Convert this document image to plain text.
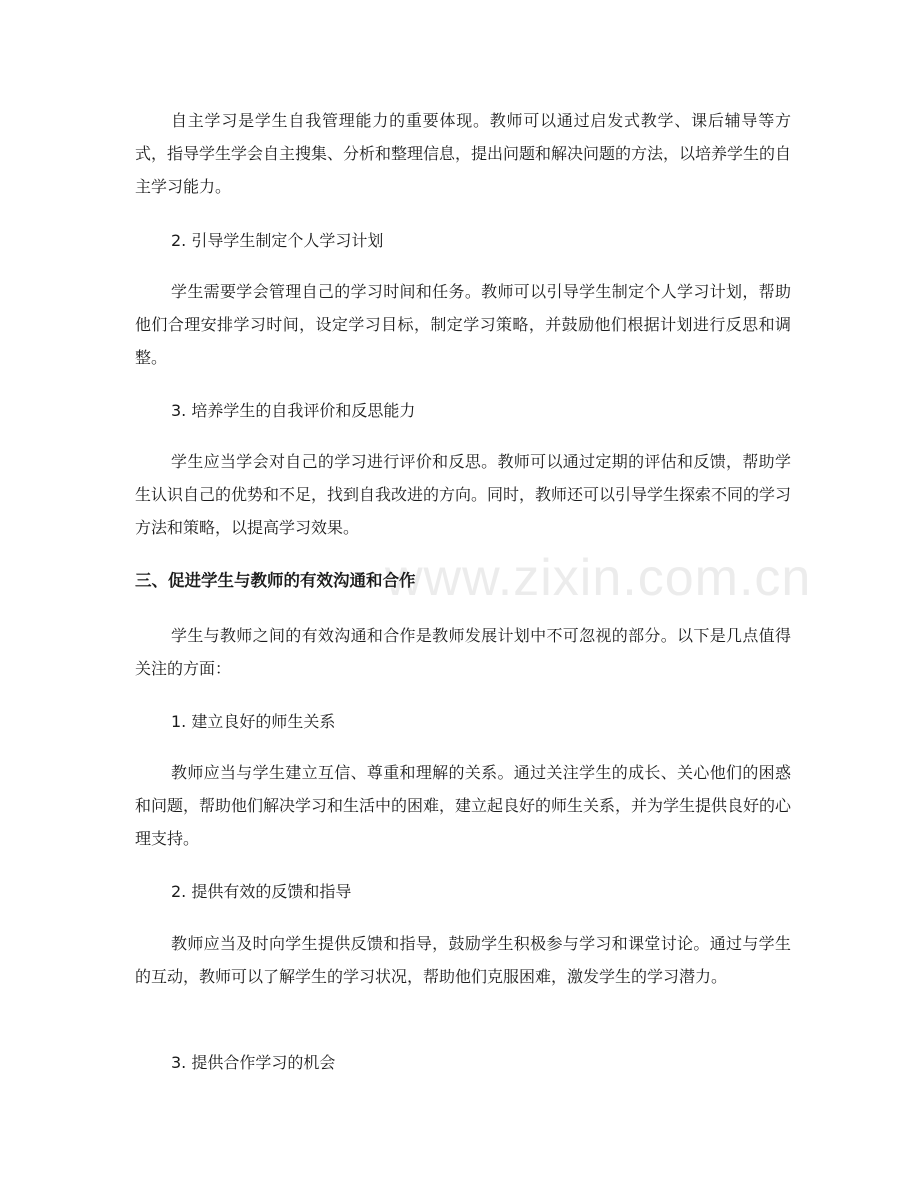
www.zixin.com.cn

自主学习是学生自我管理能力的重要体现。教师可以通过启发式教学、课后辅导等方式，指导学生学会自主搜集、分析和整理信息，提出问题和解决问题的方法，以培养学生的自主学习能力。

2. 引导学生制定个人学习计划

学生需要学会管理自己的学习时间和任务。教师可以引导学生制定个人学习计划，帮助他们合理安排学习时间，设定学习目标，制定学习策略，并鼓励他们根据计划进行反思和调整。

3. 培养学生的自我评价和反思能力

学生应当学会对自己的学习进行评价和反思。教师可以通过定期的评估和反馈，帮助学生认识自己的优势和不足，找到自我改进的方向。同时，教师还可以引导学生探索不同的学习方法和策略，以提高学习效果。

三、促进学生与教师的有效沟通和合作

学生与教师之间的有效沟通和合作是教师发展计划中不可忽视的部分。以下是几点值得关注的方面：

1. 建立良好的师生关系

教师应当与学生建立互信、尊重和理解的关系。通过关注学生的成长、关心他们的困惑和问题，帮助他们解决学习和生活中的困难，建立起良好的师生关系，并为学生提供良好的心理支持。

2. 提供有效的反馈和指导

教师应当及时向学生提供反馈和指导，鼓励学生积极参与学习和课堂讨论。通过与学生的互动，教师可以了解学生的学习状况，帮助他们克服困难，激发学生的学习潜力。

3. 提供合作学习的机会
